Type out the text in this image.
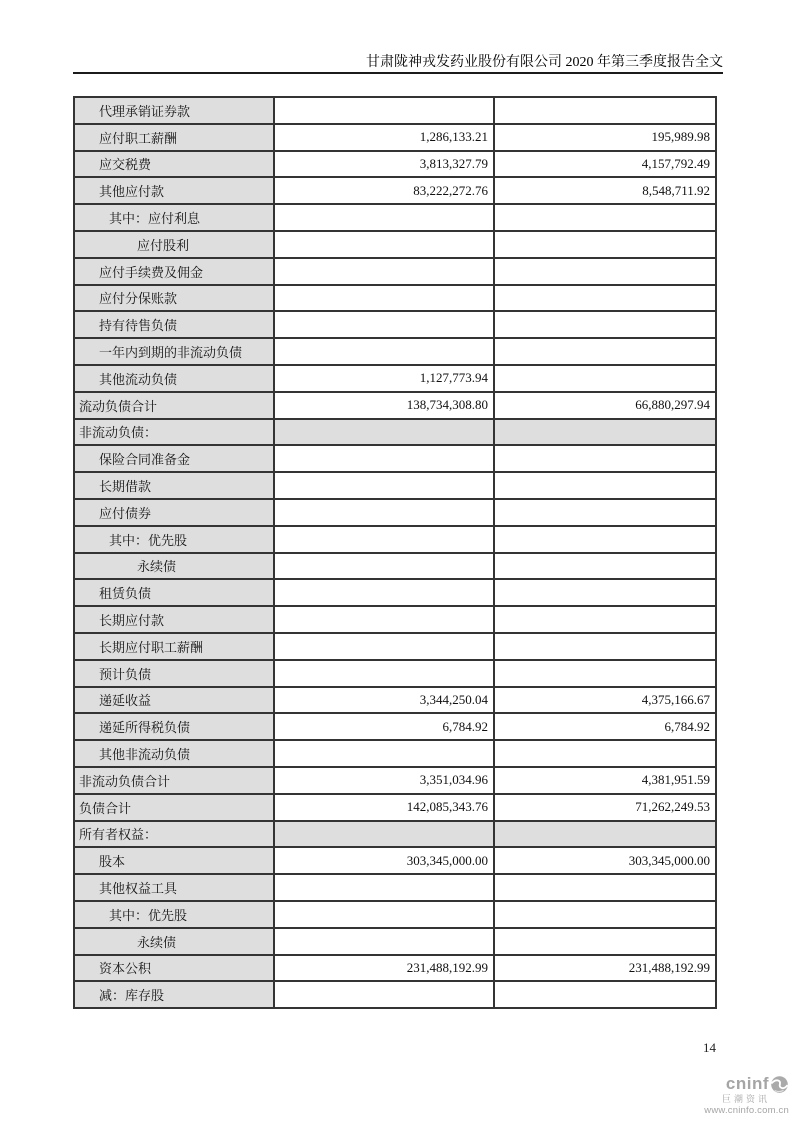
甘肃陇神戎发药业股份有限公司 2020 年第三季度报告全文
代理承销证券款		
应付职工薪酬	1,286,133.21	195,989.98
应交税费	3,813,327.79	4,157,792.49
其他应付款	83,222,272.76	8,548,711.92
其中：应付利息		
应付股利		
应付手续费及佣金		
应付分保账款		
持有待售负债		
一年内到期的非流动负债		
其他流动负债	1,127,773.94	
流动负债合计	138,734,308.80	66,880,297.94
非流动负债：		
保险合同准备金		
长期借款		
应付债券		
其中：优先股		
永续债		
租赁负债		
长期应付款		
长期应付职工薪酬		
预计负债		
递延收益	3,344,250.04	4,375,166.67
递延所得税负债	6,784.92	6,784.92
其他非流动负债		
非流动负债合计	3,351,034.96	4,381,951.59
负债合计	142,085,343.76	71,262,249.53
所有者权益：		
股本	303,345,000.00	303,345,000.00
其他权益工具		
其中：优先股		
永续债		
资本公积	231,488,192.99	231,488,192.99
减：库存股		
14
cninf
巨潮资讯
www.cninfo.com.cn
